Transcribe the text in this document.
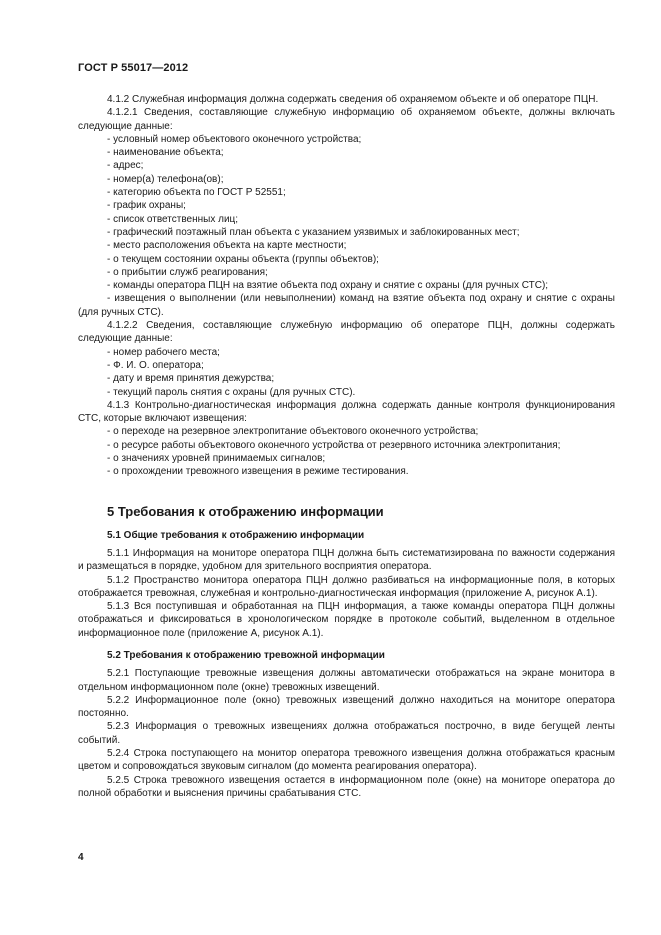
ГОСТ Р 55017—2012

4.1.2 Служебная информация должна содержать сведения об охраняемом объекте и об операторе ПЦН.

4.1.2.1 Сведения, составляющие служебную информацию об охраняемом объекте, должны включать следующие данные:

- условный номер объектового оконечного устройства;

- наименование объекта;

- адрес;

- номер(а) телефона(ов);

- категорию объекта по ГОСТ Р 52551;

- график охраны;

- список ответственных лиц;

- графический поэтажный план объекта с указанием уязвимых и заблокированных мест;

- место расположения объекта на карте местности;

- о текущем состоянии охраны объекта (группы объектов);

- о прибытии служб реагирования;

- команды оператора ПЦН на взятие объекта под охрану и снятие с охраны (для ручных СТС);

- извещения о выполнении (или невыполнении) команд на взятие объекта под охрану и снятие с охраны (для ручных СТС).

4.1.2.2 Сведения, составляющие служебную информацию об операторе ПЦН, должны содержать следующие данные:

- номер рабочего места;

- Ф. И. О. оператора;

- дату и время принятия дежурства;

- текущий пароль снятия с охраны (для ручных СТС).

4.1.3 Контрольно-диагностическая информация должна содержать данные контроля функционирования СТС, которые включают извещения:

- о переходе на резервное электропитание объектового оконечного устройства;

- о ресурсе работы объектового оконечного устройства от резервного источника электропитания;

- о значениях уровней принимаемых сигналов;

- о прохождении тревожного извещения в режиме тестирования.

5 Требования к отображению информации
5.1 Общие требования к отображению информации

5.1.1 Информация на мониторе оператора ПЦН должна быть систематизирована по важности содержания и размещаться в порядке, удобном для зрительного восприятия оператора.

5.1.2 Пространство монитора оператора ПЦН должно разбиваться на информационные поля, в которых отображается тревожная, служебная и контрольно-диагностическая информация (приложение А, рисунок А.1).

5.1.3 Вся поступившая и обработанная на ПЦН информация, а также команды оператора ПЦН должны отображаться и фиксироваться в хронологическом порядке в протоколе событий, выделенном в отдельное информационное поле (приложение А, рисунок А.1).

5.2 Требования к отображению тревожной информации

5.2.1 Поступающие тревожные извещения должны автоматически отображаться на экране монитора в отдельном информационном поле (окне) тревожных извещений.

5.2.2 Информационное поле (окно) тревожных извещений должно находиться на мониторе оператора постоянно.

5.2.3 Информация о тревожных извещениях должна отображаться построчно, в виде бегущей ленты событий.

5.2.4 Строка поступающего на монитор оператора тревожного извещения должна отображаться красным цветом и сопровождаться звуковым сигналом (до момента реагирования оператора).

5.2.5 Строка тревожного извещения остается в информационном поле (окне) на мониторе оператора до полной обработки и выяснения причины срабатывания СТС.

4
